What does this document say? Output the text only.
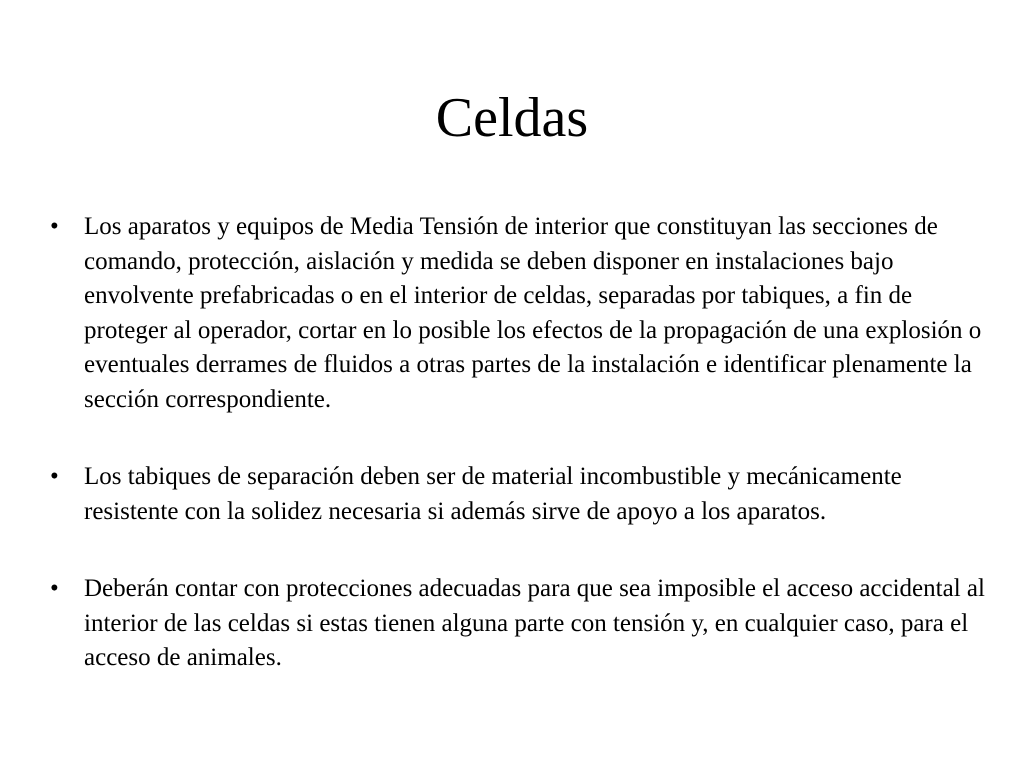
Celdas
•	Los aparatos y equipos de Media Tensión de interior que constituyan las secciones de comando, protección, aislación y medida se deben disponer en instalaciones bajo envolvente prefabricadas o en el interior de celdas, separadas por tabiques, a fin de proteger al operador, cortar en lo posible los efectos de la propagación de una explosión o eventuales derrames de fluidos a otras partes de la instalación e identificar plenamente la sección correspondiente.
•	Los tabiques de separación deben ser de material incombustible y mecánicamente resistente con la solidez necesaria si además sirve de apoyo a los aparatos.
•	Deberán contar con protecciones adecuadas para que sea imposible el acceso accidental al interior de las celdas si estas tienen alguna parte con tensión y, en cualquier caso, para el acceso de animales.
